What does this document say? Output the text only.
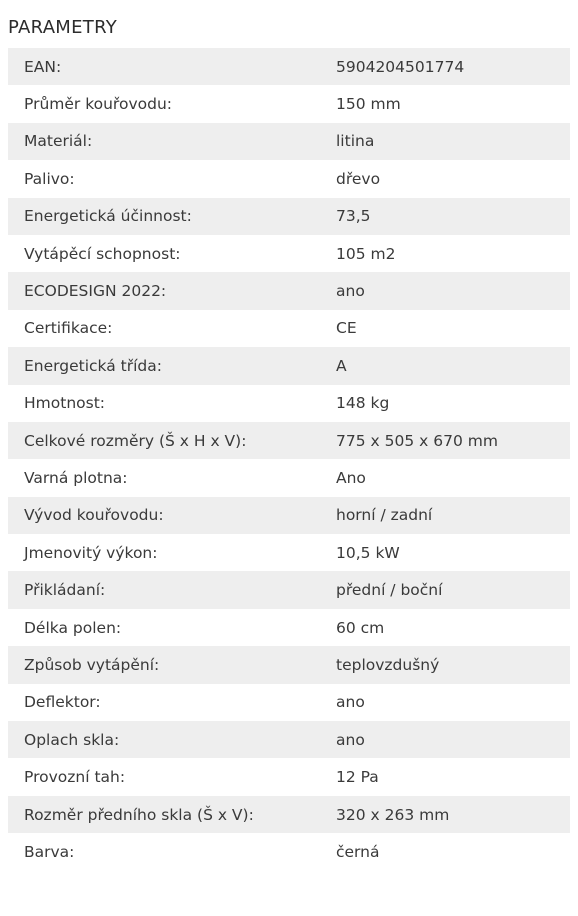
PARAMETRY
EAN:	5904204501774
Průměr kouřovodu:	150 mm
Materiál:	litina
Palivo:	dřevo
Energetická účinnost:	73,5
Vytápěcí schopnost:	105 m2
ECODESIGN 2022:	ano
Certifikace:	CE
Energetická třída:	A
Hmotnost:	148 kg
Celkové rozměry (Š x H x V):	775 x 505 x 670 mm
Varná plotna:	Ano
Vývod kouřovodu:	horní / zadní
Jmenovitý výkon:	10,5 kW
Přikládaní:	přední / boční
Délka polen:	60 cm
Způsob vytápění:	teplovzdušný
Deflektor:	ano
Oplach skla:	ano
Provozní tah:	12 Pa
Rozměr předního skla (Š x V):	320 x 263 mm
Barva:	černá
